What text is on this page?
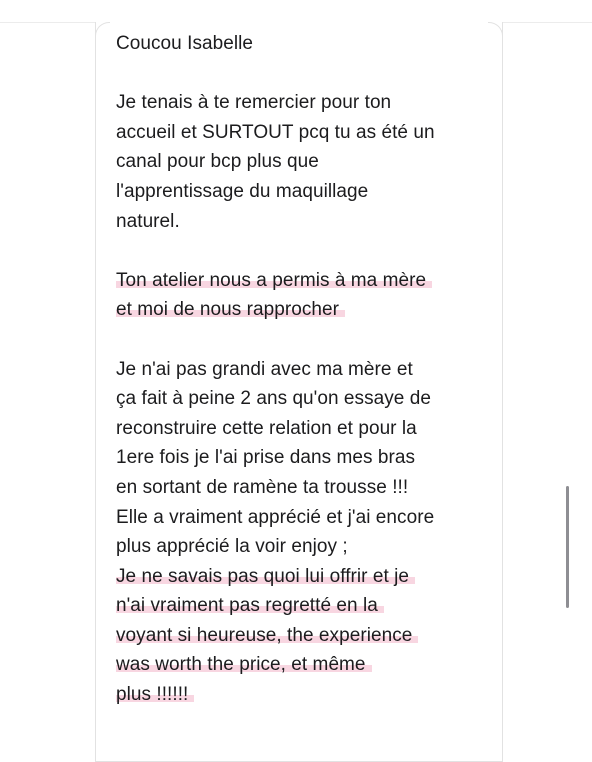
Coucou Isabelle

Je tenais à te remercier pour ton
accueil et SURTOUT pcq tu as été un
canal pour bcp plus que
l'apprentissage du maquillage
naturel.

Ton atelier nous a permis à ma mère
et moi de nous rapprocher

Je n'ai pas grandi avec ma mère et
ça fait à peine 2 ans qu'on essaye de
reconstruire cette relation et pour la
1ere fois je l'ai prise dans mes bras
en sortant de ramène ta trousse !!!
Elle a vraiment apprécié et j'ai encore
plus apprécié la voir enjoy ;

Je ne savais pas quoi lui offrir et je
n'ai vraiment pas regretté en la
voyant si heureuse, the experience
was worth the price, et même
plus !!!!!!
